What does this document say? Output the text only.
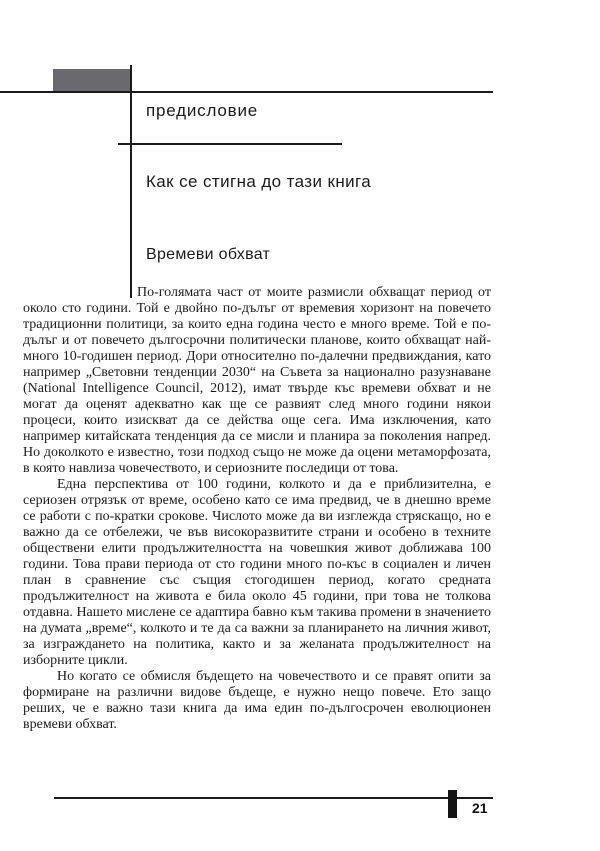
предисловие
Как се стигна до тази книга
Времеви обхват

По-голямата част от моите размисли обхващат период от около сто години. Той е двойно по-дълъг от времевия хоризонт на повечето традиционни политици, за които една година често е много време. Той е по-дълъг и от повечето дългосрочни политически планове, които обхващат най-много 10-годишен период. Дори относително по-далечни предвиждания, като например „Световни тенденции 2030“ на Съвета за национално разузнаване (National Intelligence Council, 2012), имат твърде къс времеви обхват и не могат да оценят адекватно как ще се развият след много години някои процеси, които изискват да се действа още сега. Има изключения, като например китайската тенденция да се мисли и планира за поколения напред. Но доколкото е известно, този подход също не може да оцени метаморфозата, в която навлиза човечеството, и сериозните последици от това.

Една перспектива от 100 години, колкото и да е приблизителна, е сериозен отрязък от време, особено като се има предвид, че в днешно време се работи с по-кратки срокове. Числото може да ви изглежда стряскащо, но е важно да се отбележи, че във високоразвитите страни и особено в техните обществени елити продължителността на човешкия живот доближава 100 години. Това прави периода от сто години много по-къс в социален и личен план в сравнение със същия стогодишен период, когато средната продължителност на живота е била около 45 години, при това не толкова отдавна. Нашето мислене се адаптира бавно към такива промени в значението на думата „време“, колкото и те да са важни за планирането на личния живот, за изграждането на политика, както и за желаната продължителност на изборните цикли.

Но когато се обмисля бъдещето на човечеството и се правят опити за формиране на различни видове бъдеще, е нужно нещо повече. Ето защо реших, че е важно тази книга да има един по-дългосрочен еволюционен времеви обхват.

21
